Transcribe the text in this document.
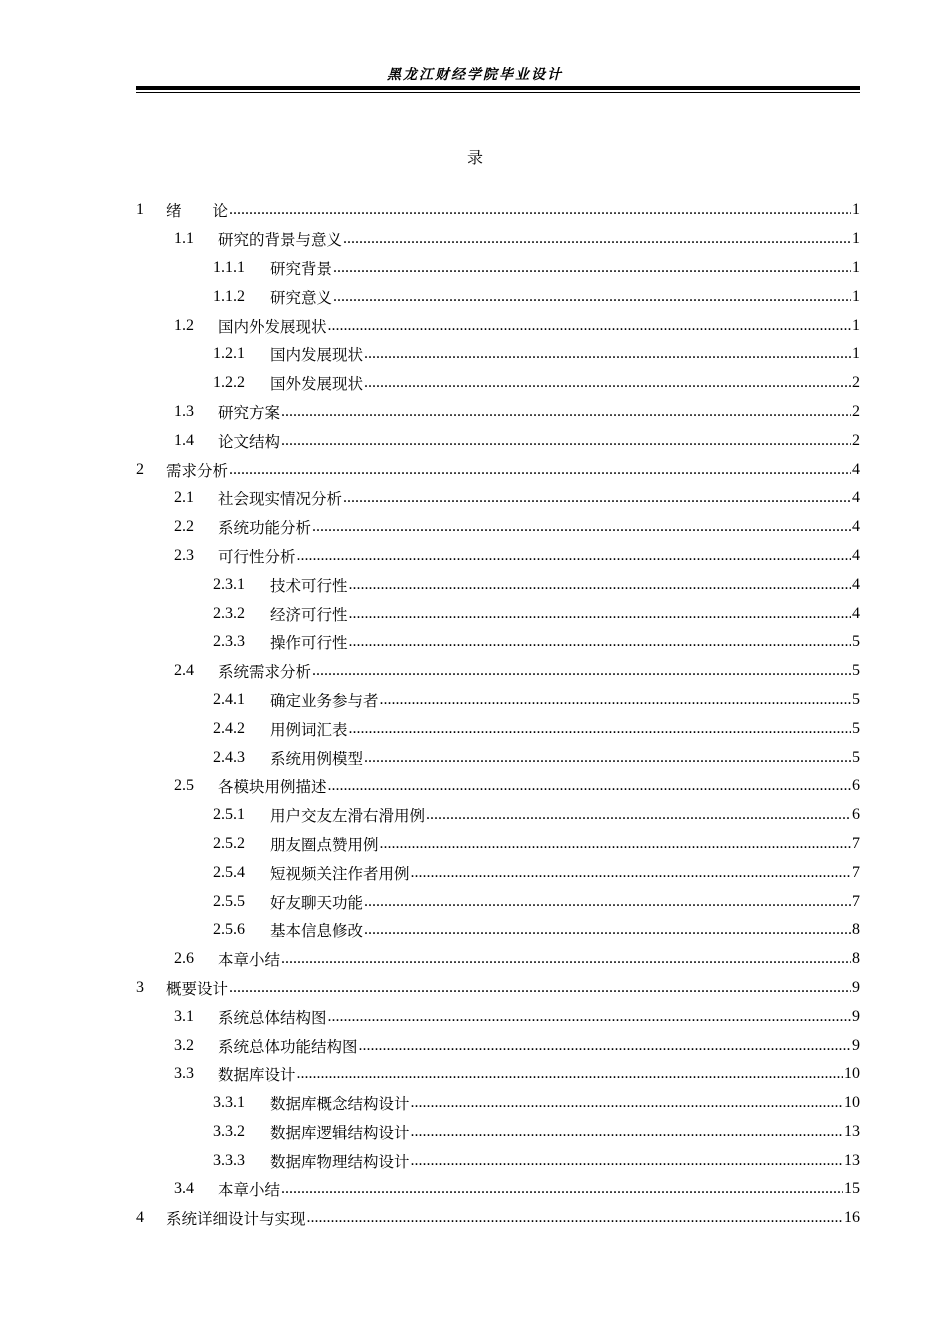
黑龙江财经学院毕业设计
录
1	绪　　论 .....	1
1.1	研究的背景与意义 .....	1
1.1.1	研究背景 .....	1
1.1.2	研究意义 .....	1
1.2	国内外发展现状 .....	1
1.2.1	国内发展现状 .....	1
1.2.2	国外发展现状 .....	2
1.3	研究方案 .....	2
1.4	论文结构 .....	2
2	需求分析 .....	4
2.1	社会现实情况分析 .....	4
2.2	系统功能分析 .....	4
2.3	可行性分析 .....	4
2.3.1	技术可行性 .....	4
2.3.2	经济可行性 .....	4
2.3.3	操作可行性 .....	5
2.4	系统需求分析 .....	5
2.4.1	确定业务参与者 .....	5
2.4.2	用例词汇表 .....	5
2.4.3	系统用例模型 .....	5
2.5	各模块用例描述 .....	6
2.5.1	用户交友左滑右滑用例 .....	6
2.5.2	朋友圈点赞用例 .....	7
2.5.4	短视频关注作者用例 .....	7
2.5.5	好友聊天功能 .....	7
2.5.6	基本信息修改 .....	8
2.6	本章小结 .....	8
3	概要设计 .....	9
3.1	系统总体结构图 .....	9
3.2	系统总体功能结构图 .....	9
3.3	数据库设计 .....	10
3.3.1	数据库概念结构设计 .....	10
3.3.2	数据库逻辑结构设计 .....	13
3.3.3	数据库物理结构设计 .....	13
3.4	本章小结 .....	15
4	系统详细设计与实现 .....	16
